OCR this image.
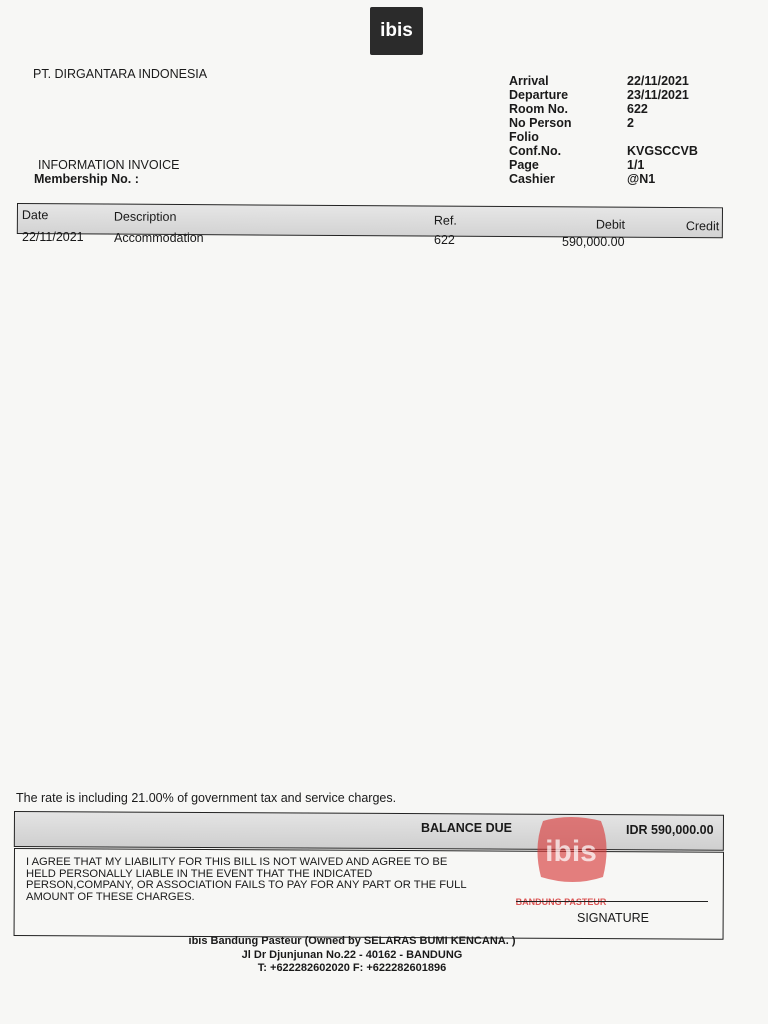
ibis
PT. DIRGANTARA INDONESIA
INFORMATION INVOICE
Membership No. :
Arrival	22/11/2021
Departure	23/11/2021
Room No.	622
No Person	2
Folio
Conf.No.	KVGSCCVB
Page	1/1
Cashier	@N1
Date	Description	Ref.	Debit	Credit
22/11/2021 Accommodation	622	590,000.00
The rate is including 21.00% of government tax and service charges.
BALANCE DUE	IDR 590,000.00
I AGREE THAT MY LIABILITY FOR THIS BILL IS NOT WAIVED AND AGREE TO BE HELD PERSONALLY LIABLE IN THE EVENT THAT THE INDICATED PERSON,COMPANY, OR ASSOCIATION FAILS TO PAY FOR ANY PART OR THE FULL AMOUNT OF THESE CHARGES.
ibis
BANDUNG PASTEUR
SIGNATURE
ibis Bandung Pasteur (Owned by SELARAS BUMI KENCANA. )
Jl Dr Djunjunan No.22 - 40162 - BANDUNG
T: +622282602020 F: +622282601896
